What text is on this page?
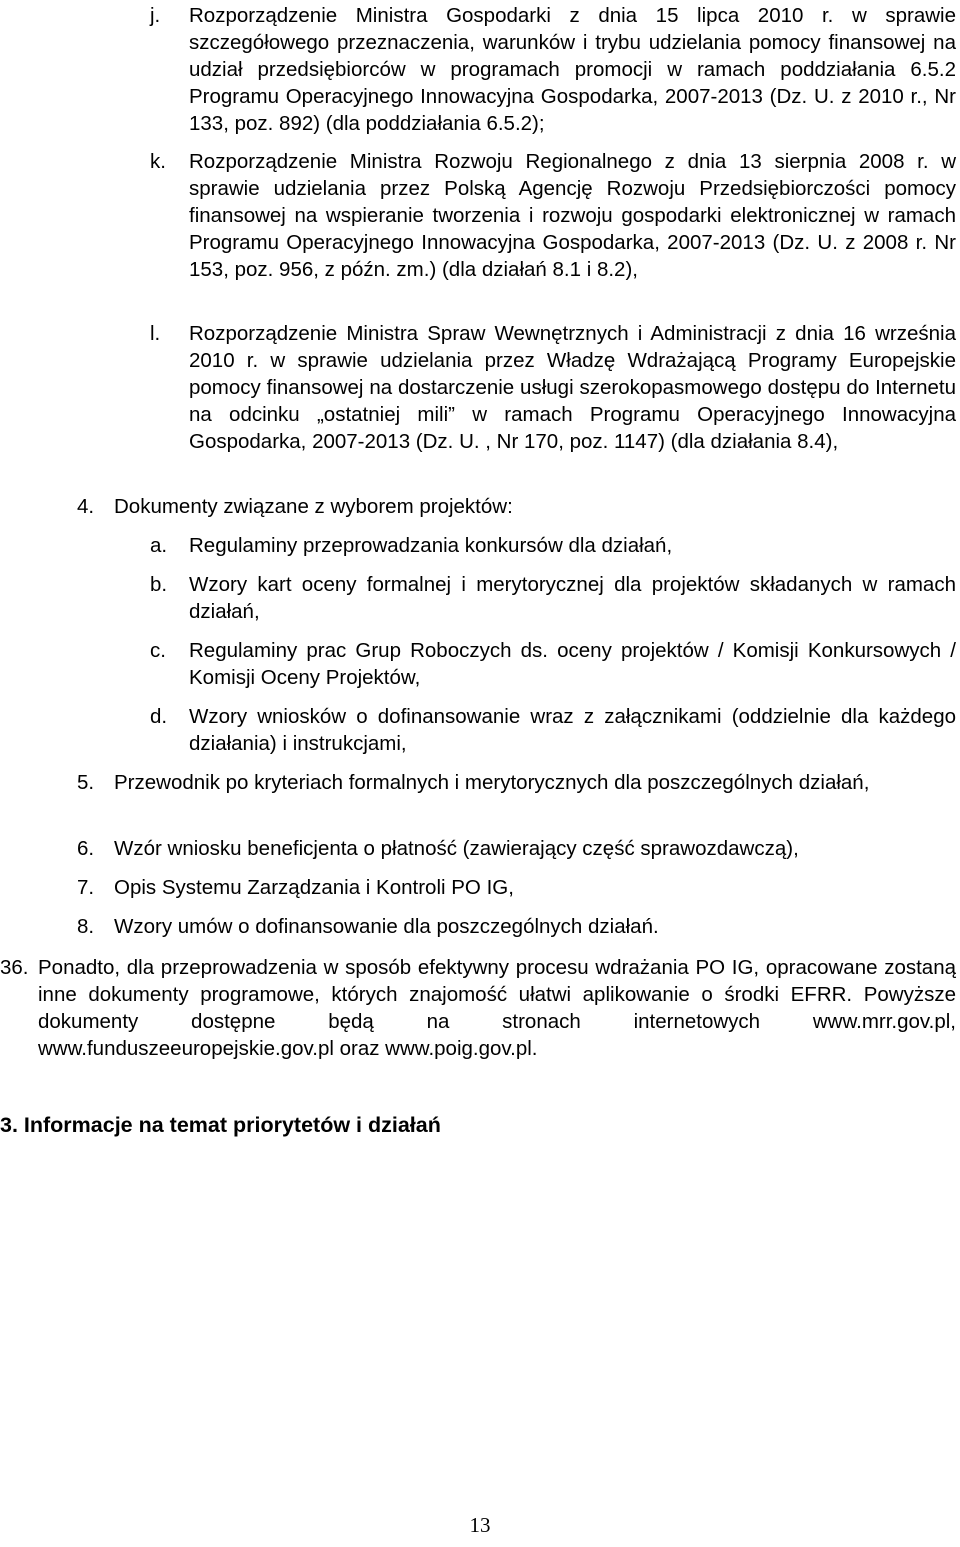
j. Rozporządzenie Ministra Gospodarki z dnia 15 lipca 2010 r. w sprawie szczegółowego przeznaczenia, warunków i trybu udzielania pomocy finansowej na udział przedsiębiorców w programach promocji w ramach poddziałania 6.5.2 Programu Operacyjnego Innowacyjna Gospodarka, 2007-2013 (Dz. U. z 2010 r., Nr 133, poz. 892) (dla poddziałania 6.5.2);
k. Rozporządzenie Ministra Rozwoju Regionalnego z dnia 13 sierpnia 2008 r. w sprawie udzielania przez Polską Agencję Rozwoju Przedsiębiorczości pomocy finansowej na wspieranie tworzenia i rozwoju gospodarki elektronicznej w ramach Programu Operacyjnego Innowacyjna Gospodarka, 2007-2013 (Dz. U. z 2008 r. Nr 153, poz. 956, z późn. zm.) (dla działań 8.1 i 8.2),
l. Rozporządzenie Ministra Spraw Wewnętrznych i Administracji z dnia 16 września 2010 r. w sprawie udzielania przez Władzę Wdrażającą Programy Europejskie pomocy finansowej na dostarczenie usługi szerokopasmowego dostępu do Internetu na odcinku „ostatniej mili” w ramach Programu Operacyjnego Innowacyjna Gospodarka, 2007-2013 (Dz. U. , Nr 170, poz. 1147) (dla działania 8.4),
4. Dokumenty związane z wyborem projektów:
a. Regulaminy przeprowadzania konkursów dla działań,
b. Wzory kart oceny formalnej i merytorycznej dla projektów składanych w ramach działań,
c. Regulaminy prac Grup Roboczych ds. oceny projektów / Komisji Konkursowych / Komisji Oceny Projektów,
d. Wzory wniosków o dofinansowanie wraz z załącznikami (oddzielnie dla każdego działania) i instrukcjami,
5. Przewodnik po kryteriach formalnych i merytorycznych dla poszczególnych działań,
6. Wzór wniosku beneficjenta o płatność (zawierający część sprawozdawczą),
7. Opis Systemu Zarządzania i Kontroli PO IG,
8. Wzory umów o dofinansowanie dla poszczególnych działań.
36. Ponadto, dla przeprowadzenia w sposób efektywny procesu wdrażania PO IG, opracowane zostaną inne dokumenty programowe, których znajomość ułatwi aplikowanie o środki EFRR. Powyższe dokumenty dostępne będą na stronach internetowych www.mrr.gov.pl, www.funduszeeuropejskie.gov.pl oraz www.poig.gov.pl.
3. Informacje na temat priorytetów i działań
13
